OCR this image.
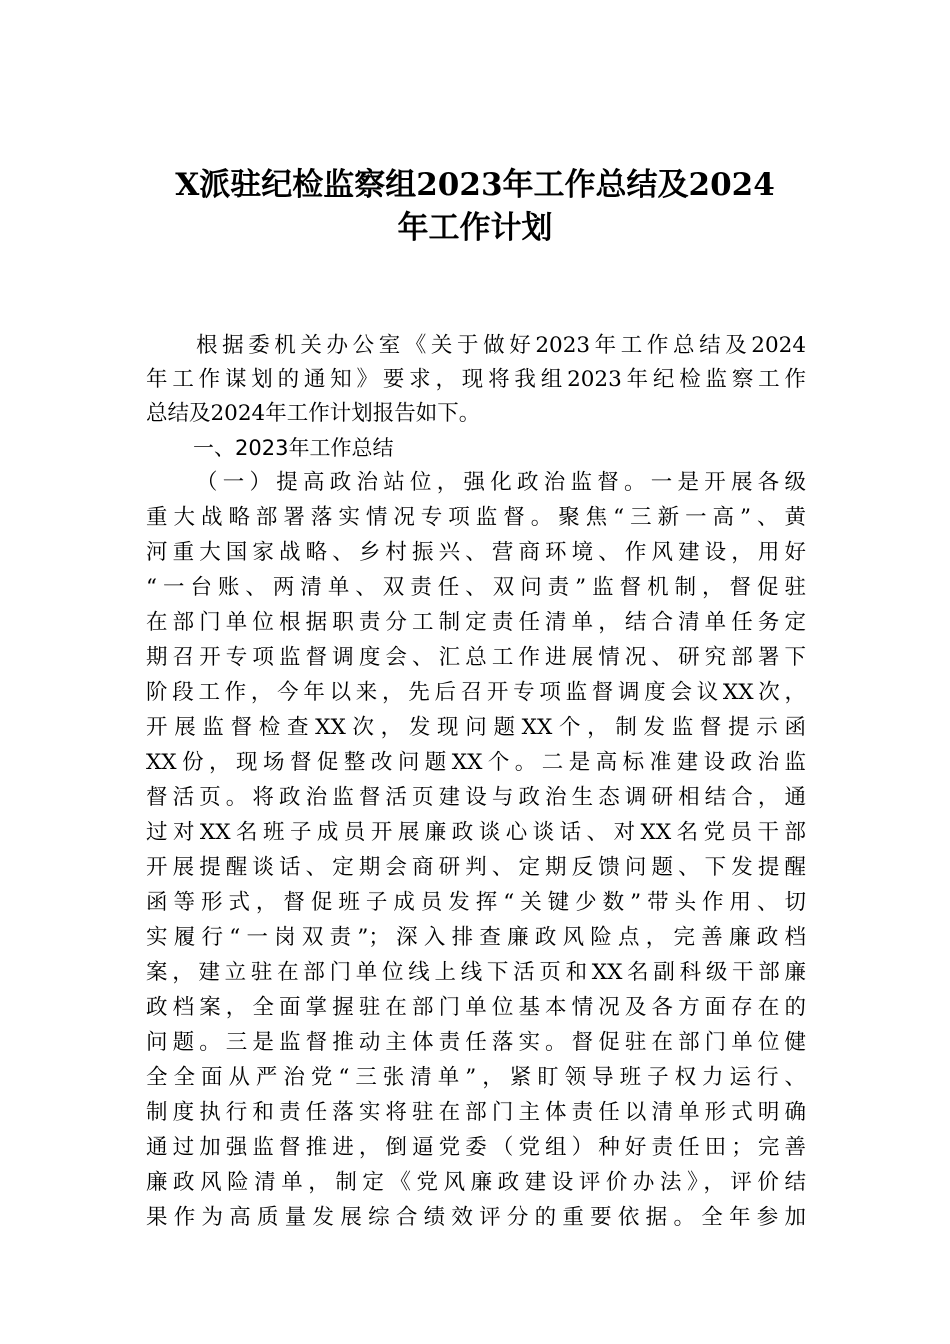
X派驻纪检监察组2023年工作总结及2024
年工作计划
根据委机关办公室《关于做好2023年工作总结及2024
年工作谋划的通知》要求，现将我组2023年纪检监察工作
总结及2024年工作计划报告如下。
一、2023年工作总结
（一）提高政治站位，强化政治监督。一是开展各级
重大战略部署落实情况专项监督。聚焦“三新一高”、黄
河重大国家战略、乡村振兴、营商环境、作风建设，用好
“一台账、两清单、双责任、双问责”监督机制，督促驻
在部门单位根据职责分工制定责任清单，结合清单任务定
期召开专项监督调度会、汇总工作进展情况、研究部署下
阶段工作，今年以来，先后召开专项监督调度会议XX次，
开展监督检查XX次，发现问题XX个，制发监督提示函
XX份，现场督促整改问题XX个。二是高标准建设政治监
督活页。将政治监督活页建设与政治生态调研相结合，通
过对XX名班子成员开展廉政谈心谈话、对XX名党员干部
开展提醒谈话、定期会商研判、定期反馈问题、下发提醒
函等形式，督促班子成员发挥“关键少数”带头作用、切
实履行“一岗双责”；深入排查廉政风险点，完善廉政档
案，建立驻在部门单位线上线下活页和XX名副科级干部廉
政档案，全面掌握驻在部门单位基本情况及各方面存在的
问题。三是监督推动主体责任落实。督促驻在部门单位健
全全面从严治党“三张清单”，紧盯领导班子权力运行、
制度执行和责任落实将驻在部门主体责任以清单形式明确
通过加强监督推进，倒逼党委（党组）种好责任田；完善
廉政风险清单，制定《党风廉政建设评价办法》，评价结
果作为高质量发展综合绩效评分的重要依据。全年参加
